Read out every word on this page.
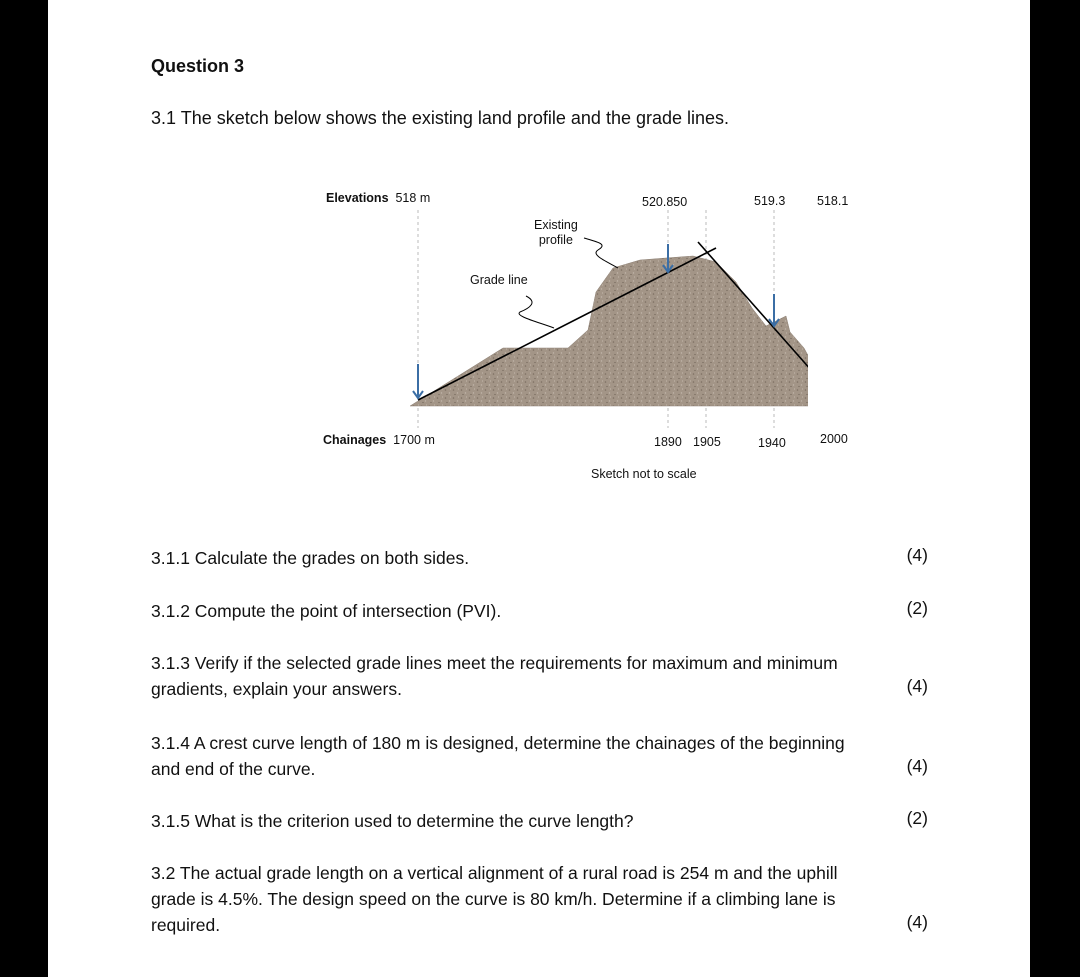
Question 3
3.1 The sketch below shows the existing land profile and the grade lines.
Elevations 518 m	520.850	519.3	518.1
Existing
profile
Grade line
Chainages 1700 m	1890 1905	1940	2000
Sketch not to scale
3.1.1 Calculate the grades on both sides.	(4)
3.1.2 Compute the point of intersection (PVI).	(2)
3.1.3 Verify if the selected grade lines meet the requirements for maximum and minimum
gradients, explain your answers.	(4)
3.1.4 A crest curve length of 180 m is designed, determine the chainages of the beginning
and end of the curve.	(4)
3.1.5 What is the criterion used to determine the curve length?	(2)
3.2 The actual grade length on a vertical alignment of a rural road is 254 m and the uphill
grade is 4.5%. The design speed on the curve is 80 km/h. Determine if a climbing lane is
required.	(4)
